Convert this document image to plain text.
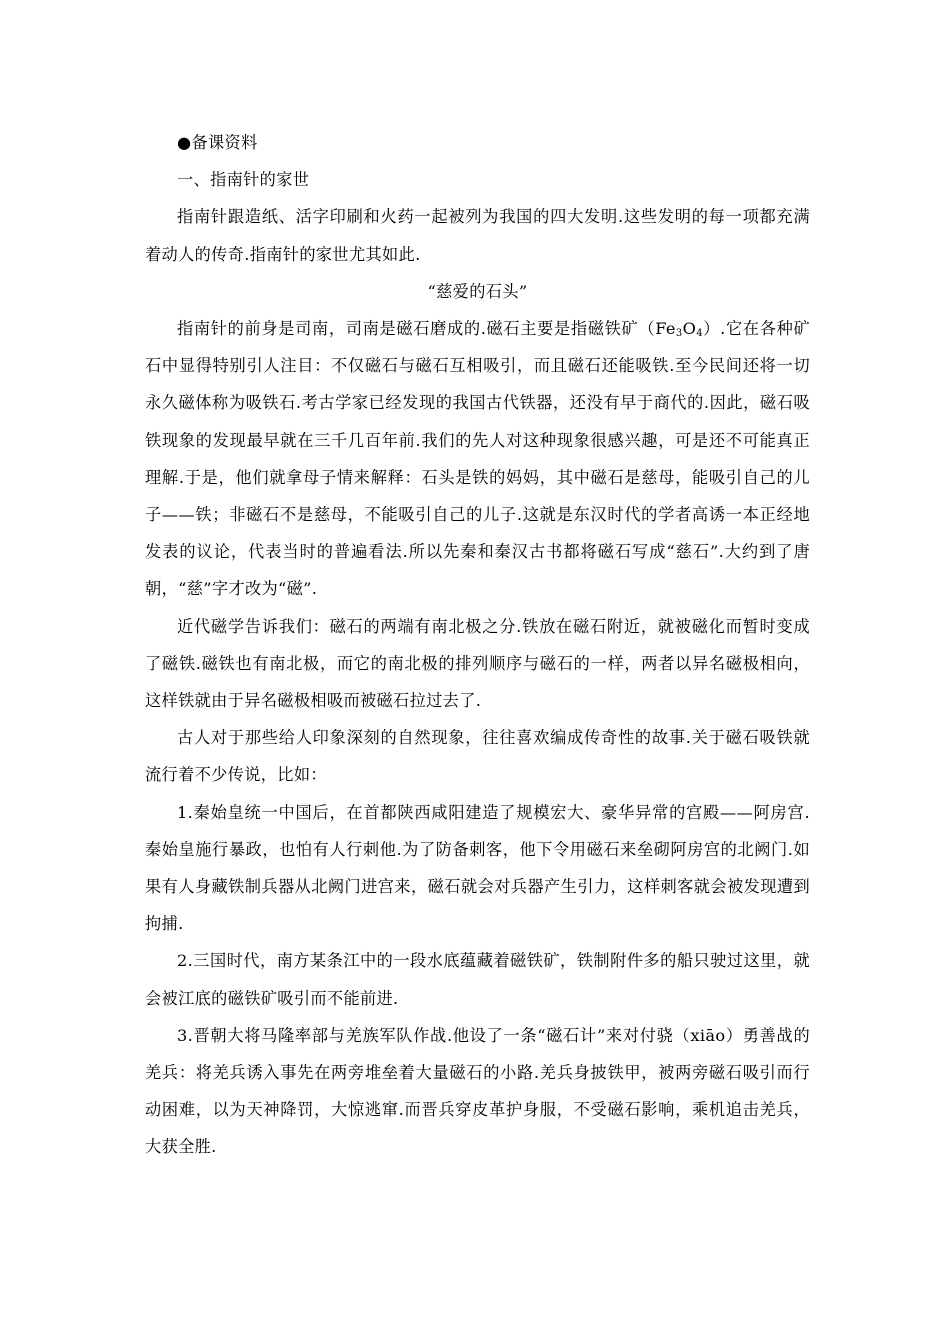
●备课资料

一、指南针的家世

指南针跟造纸、活字印刷和火药一起被列为我国的四大发明.这些发明的每一项都充满着动人的传奇.指南针的家世尤其如此.

“慈爱的石头”

指南针的前身是司南，司南是磁石磨成的.磁石主要是指磁铁矿$(Fe_3O_4)$.它在各种矿石中显得特别引人注目：不仅磁石与磁石互相吸引，而且磁石还能吸铁.至今民间还将一切永久磁体称为吸铁石.考古学家已经发现的我国古代铁器，还没有早于商代的.因此，磁石吸铁现象的发现最早就在三千几百年前.我们的先人对这种现象很感兴趣，可是还不可能真正理解.于是，他们就拿母子情来解释：石头是铁的妈妈，其中磁石是慈母，能吸引自己的儿子——铁；非磁石不是慈母，不能吸引自己的儿子.这就是东汉时代的学者高诱一本正经地发表的议论，代表当时的普遍看法.所以先秦和秦汉古书都将磁石写成“慈石”.大约到了唐朝，“慈”字才改为“磁”.

近代磁学告诉我们：磁石的两端有南北极之分.铁放在磁石附近，就被磁化而暂时变成了磁铁.磁铁也有南北极，而它的南北极的排列顺序与磁石的一样，两者以异名磁极相向，这样铁就由于异名磁极相吸而被磁石拉过去了.

古人对于那些给人印象深刻的自然现象，往往喜欢编成传奇性的故事.关于磁石吸铁就流行着不少传说，比如：

1.秦始皇统一中国后，在首都陕西咸阳建造了规模宏大、豪华异常的宫殿——阿房宫.秦始皇施行暴政，也怕有人行刺他.为了防备刺客，他下令用磁石来垒砌阿房宫的北阙门.如果有人身藏铁制兵器从北阙门进宫来，磁石就会对兵器产生引力，这样刺客就会被发现遭到拘捕.

2.三国时代，南方某条江中的一段水底蕴藏着磁铁矿，铁制附件多的船只驶过这里，就会被江底的磁铁矿吸引而不能前进.

3.晋朝大将马隆率部与羌族军队作战.他设了一条“磁石计”来对付骁（xiāo）勇善战的羌兵：将羌兵诱入事先在两旁堆垒着大量磁石的小路.羌兵身披铁甲，被两旁磁石吸引而行动困难，以为天神降罚，大惊逃窜.而晋兵穿皮革护身服，不受磁石影响，乘机追击羌兵，大获全胜.
